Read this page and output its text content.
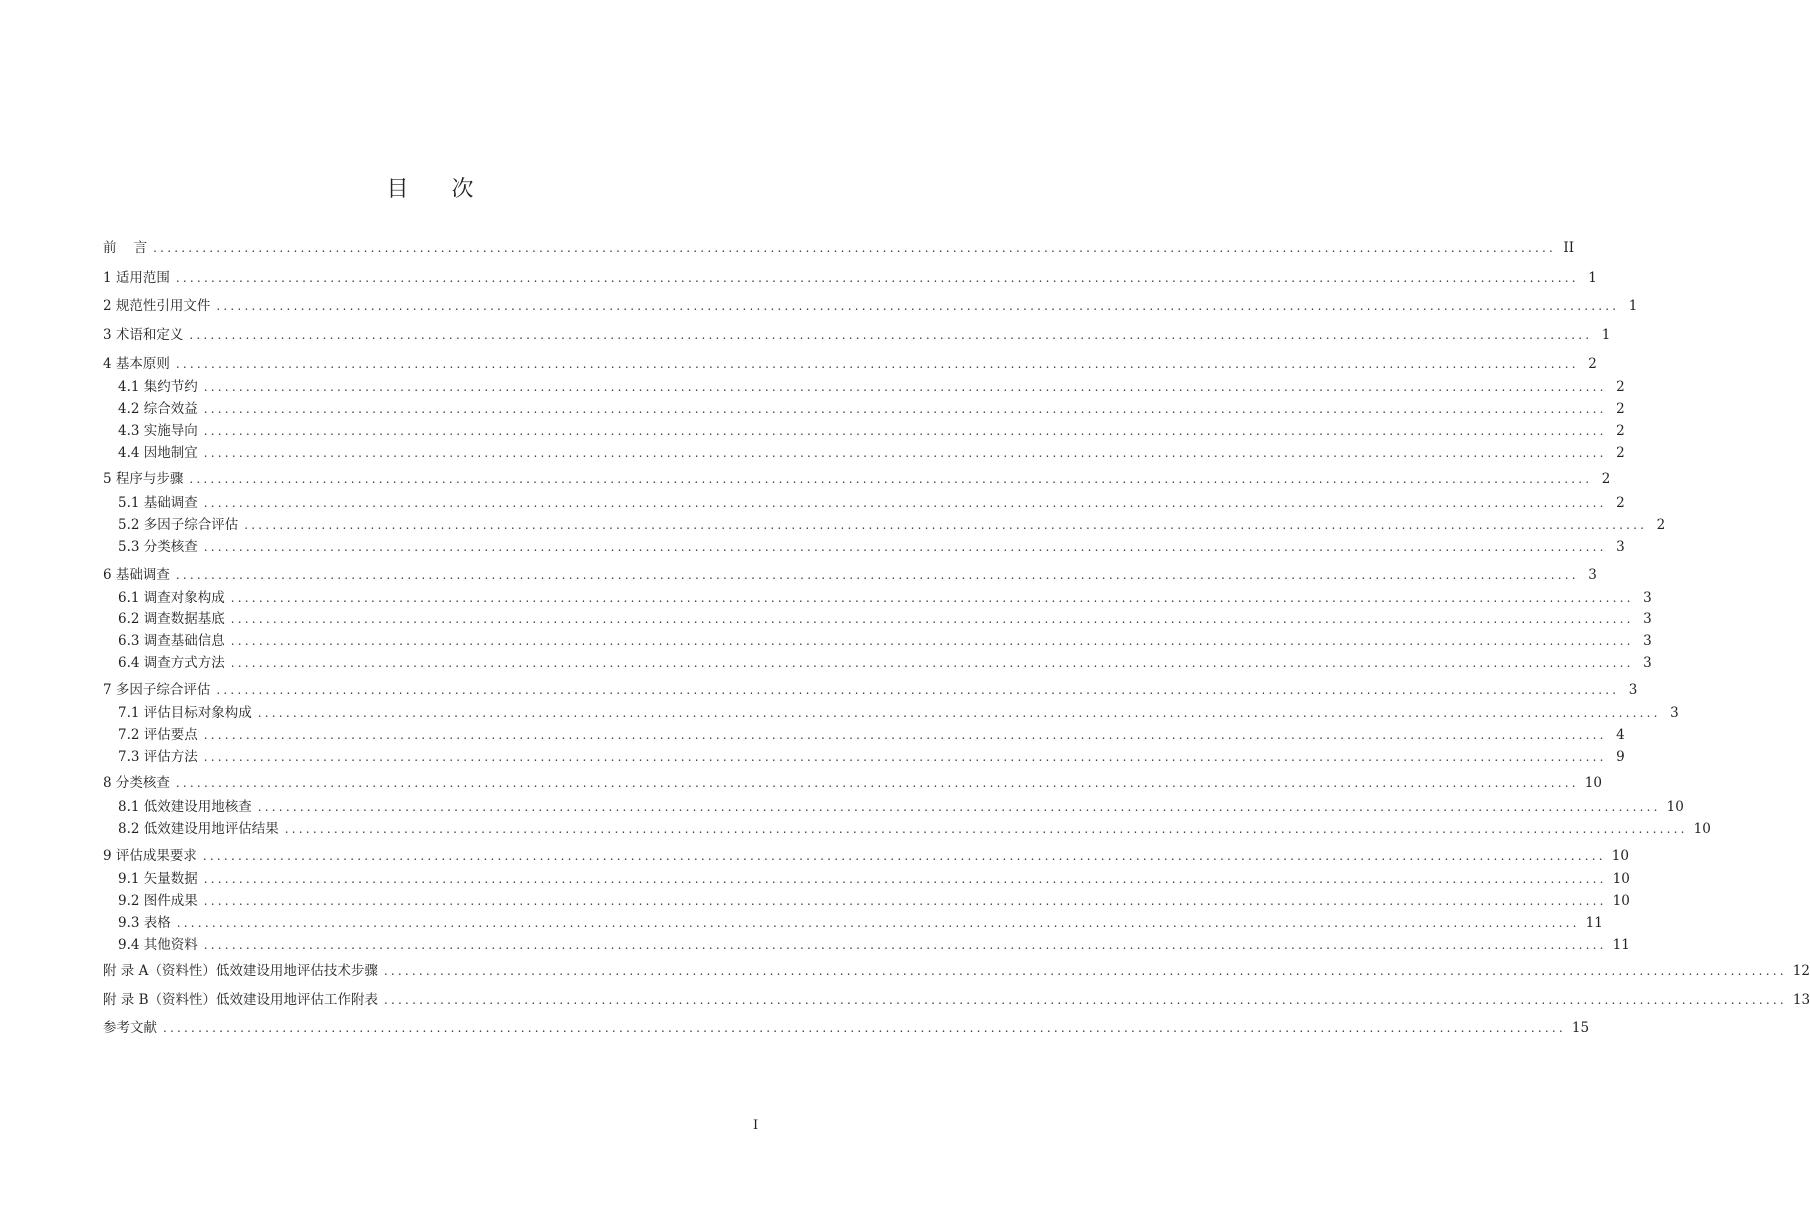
目 次
前    言 ........................................................................................................................................................................................................ II
1 适用范围 ........................................................................................................................................................................................................ 1
2 规范性引用文件 ........................................................................................................................................................................................................ 1
3 术语和定义 ........................................................................................................................................................................................................ 1
4 基本原则 ........................................................................................................................................................................................................ 2
4.1 集约节约 ........................................................................................................................................................................................................ 2
4.2 综合效益 ........................................................................................................................................................................................................ 2
4.3 实施导向 ........................................................................................................................................................................................................ 2
4.4 因地制宜 ........................................................................................................................................................................................................ 2
5 程序与步骤 ........................................................................................................................................................................................................ 2
5.1 基础调查 ........................................................................................................................................................................................................ 2
5.2 多因子综合评估 ........................................................................................................................................................................................................ 2
5.3 分类核查 ........................................................................................................................................................................................................ 3
6 基础调查 ........................................................................................................................................................................................................ 3
6.1 调查对象构成 ........................................................................................................................................................................................................ 3
6.2 调查数据基底 ........................................................................................................................................................................................................ 3
6.3 调查基础信息 ........................................................................................................................................................................................................ 3
6.4 调查方式方法 ........................................................................................................................................................................................................ 3
7 多因子综合评估 ........................................................................................................................................................................................................ 3
7.1 评估目标对象构成 ........................................................................................................................................................................................................ 3
7.2 评估要点 ........................................................................................................................................................................................................ 4
7.3 评估方法 ........................................................................................................................................................................................................ 9
8 分类核查 ........................................................................................................................................................................................................ 10
8.1 低效建设用地核查 ........................................................................................................................................................................................................ 10
8.2 低效建设用地评估结果 ........................................................................................................................................................................................................ 10
9 评估成果要求 ........................................................................................................................................................................................................ 10
9.1 矢量数据 ........................................................................................................................................................................................................ 10
9.2 图件成果 ........................................................................................................................................................................................................ 10
9.3 表格 ........................................................................................................................................................................................................ 11
9.4 其他资料 ........................................................................................................................................................................................................ 11
附 录 A（资料性）低效建设用地评估技术步骤 ........................................................................................................................................................................................................ 12
附 录 B（资料性）低效建设用地评估工作附表 ........................................................................................................................................................................................................ 13
参考文献 ........................................................................................................................................................................................................ 15
I
